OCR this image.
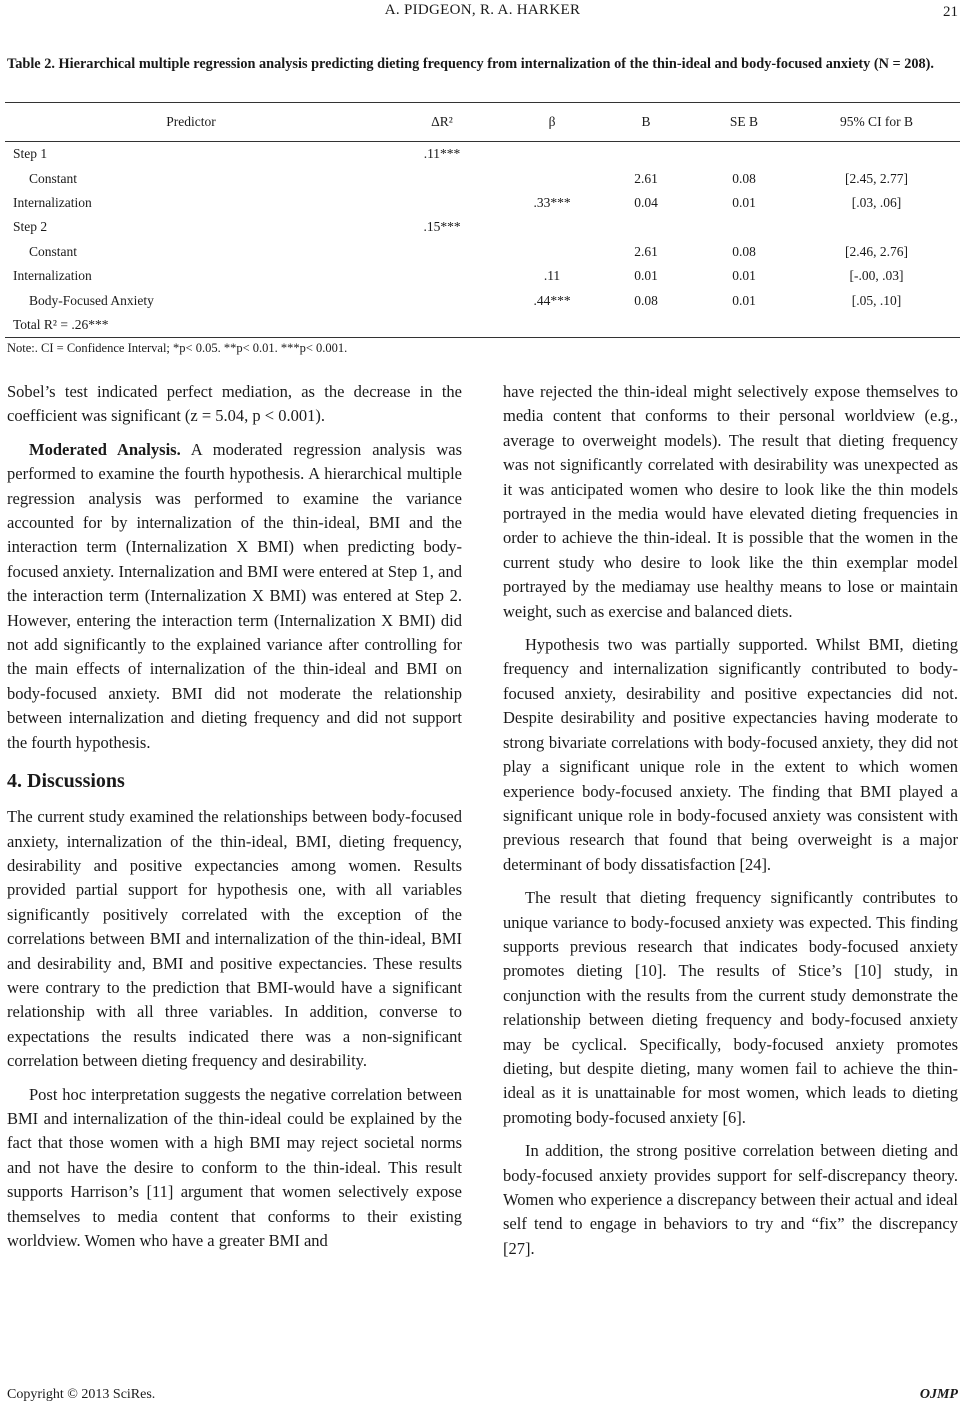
A. PIDGEON, R. A. HARKER	21
Table 2. Hierarchical multiple regression analysis predicting dieting frequency from internalization of the thin-ideal and body-focused anxiety (N = 208).
Predictor	ΔR²	β	B	SE B	95% CI for B
Step 1	.11***				
Constant			2.61	0.08	[2.45, 2.77]
Internalization		.33***	0.04	0.01	[.03, .06]
Step 2	.15***				
Constant			2.61	0.08	[2.46, 2.76]
Internalization		.11	0.01	0.01	[-.00, .03]
Body-Focused Anxiety		.44***	0.08	0.01	[.05, .10]
Total R² = .26***					
Note:. CI = Confidence Interval; *p< 0.05. **p< 0.01. ***p< 0.001.

Sobel’s test indicated perfect mediation, as the decrease in the coefficient was significant (z = 5.04, p < 0.001).

Moderated Analysis. A moderated regression analysis was performed to examine the fourth hypothesis. A hierarchical multiple regression analysis was performed to examine the variance accounted for by internalization of the thin-ideal, BMI and the interaction term (Internalization X BMI) when predicting body-focused anxiety. Internalization and BMI were entered at Step 1, and the interaction term (Internalization X BMI) was entered at Step 2. However, entering the interaction term (Internalization X BMI) did not add significantly to the explained variance after controlling for the main effects of internalization of the thin-ideal and BMI on body-focused anxiety. BMI did not moderate the relationship between internalization and dieting frequency and did not support the fourth hypothesis.

4. Discussions

The current study examined the relationships between body-focused anxiety, internalization of the thin-ideal, BMI, dieting frequency, desirability and positive expectancies among women. Results provided partial support for hypothesis one, with all variables significantly positively correlated with the exception of the correlations between BMI and internalization of the thin-ideal, BMI and desirability and, BMI and positive expectancies. These results were contrary to the prediction that BMI-would have a significant relationship with all three variables. In addition, converse to expectations the results indicated there was a non-significant correlation between dieting frequency and desirability.

Post hoc interpretation suggests the negative correlation between BMI and internalization of the thin-ideal could be explained by the fact that those women with a high BMI may reject societal norms and not have the desire to conform to the thin-ideal. This result supports Harrison’s [11] argument that women selectively expose themselves to media content that conforms to their existing worldview. Women who have a greater BMI and

have rejected the thin-ideal might selectively expose themselves to media content that conforms to their personal worldview (e.g., average to overweight models). The result that dieting frequency was not significantly correlated with desirability was unexpected as it was anticipated women who desire to look like the thin models portrayed in the media would have elevated dieting frequencies in order to achieve the thin-ideal. It is possible that the women in the current study who desire to look like the thin exemplar model portrayed by the mediamay use healthy means to lose or maintain weight, such as exercise and balanced diets.

Hypothesis two was partially supported. Whilst BMI, dieting frequency and internalization significantly contributed to body-focused anxiety, desirability and positive expectancies did not. Despite desirability and positive expectancies having moderate to strong bivariate correlations with body-focused anxiety, they did not play a significant unique role in the extent to which women experience body-focused anxiety. The finding that BMI played a significant unique role in body-focused anxiety was consistent with previous research that found that being overweight is a major determinant of body dissatisfaction [24].

The result that dieting frequency significantly contributes to unique variance to body-focused anxiety was expected. This finding supports previous research that indicates body-focused anxiety promotes dieting [10]. The results of Stice’s [10] study, in conjunction with the results from the current study demonstrate the relationship between dieting frequency and body-focused anxiety may be cyclical. Specifically, body-focused anxiety promotes dieting, but despite dieting, many women fail to achieve the thin-ideal as it is unattainable for most women, which leads to dieting promoting body-focused anxiety [6].

In addition, the strong positive correlation between dieting and body-focused anxiety provides support for self-discrepancy theory. Women who experience a discrepancy between their actual and ideal self tend to engage in behaviors to try and “fix” the discrepancy [27].

Copyright © 2013 SciRes.	OJMP
